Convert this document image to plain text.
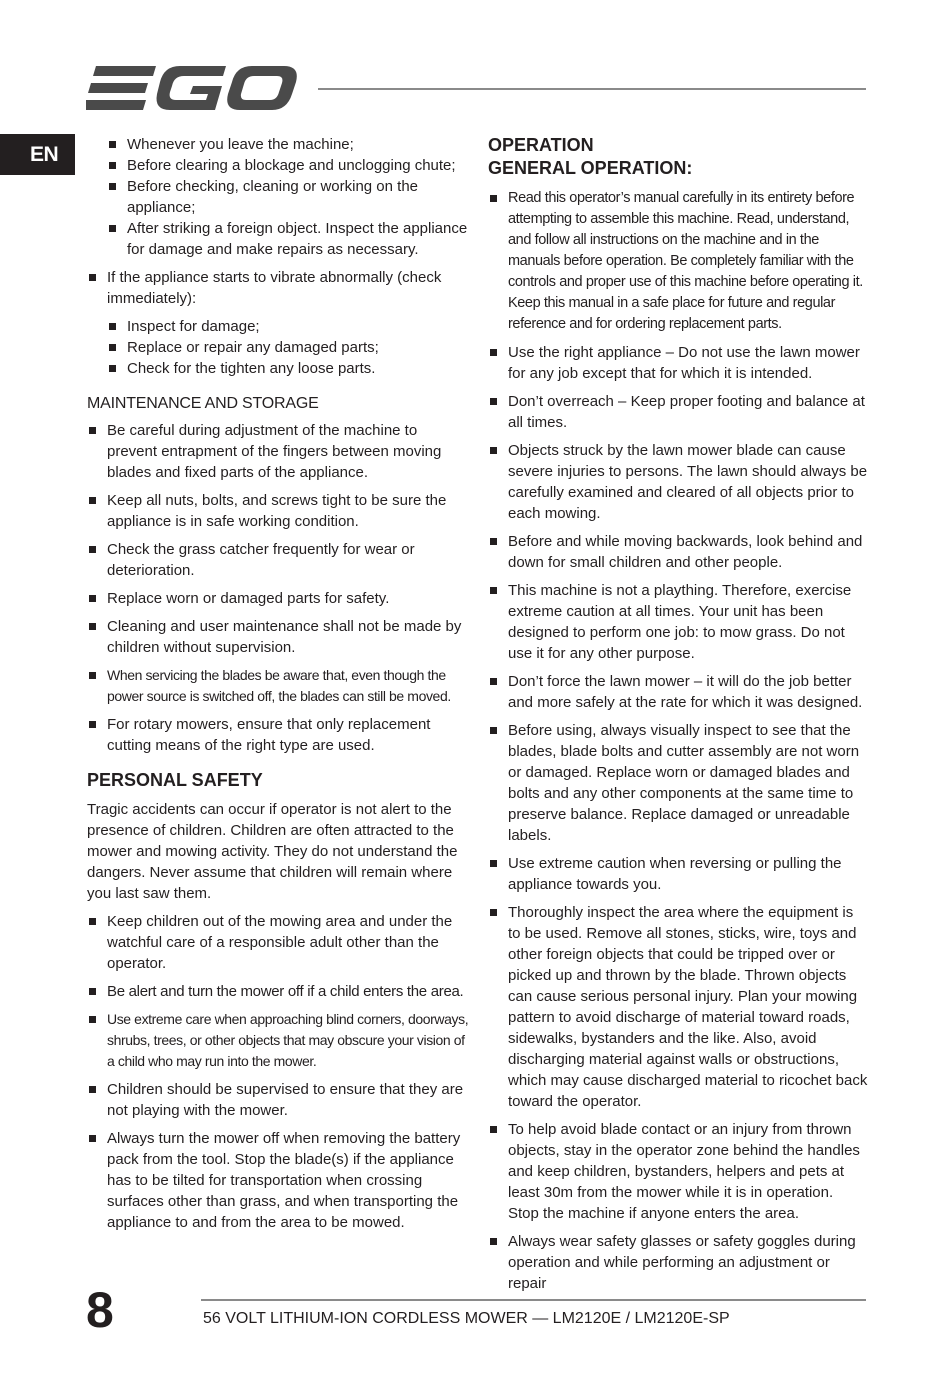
EN	Whenever you leave the machine;
Before clearing a blockage and unclogging chute;
Before checking, cleaning or working on the appliance;
After striking a foreign object. Inspect the appliance for damage and make repairs as necessary.
If the appliance starts to vibrate abnormally (check immediately):
Inspect for damage;
Replace or repair any damaged parts;
Check for the tighten any loose parts.
MAINTENANCE AND STORAGE
Be careful during adjustment of the machine to prevent entrapment of the fingers between moving blades and fixed parts of the appliance.
Keep all nuts, bolts, and screws tight to be sure the appliance is in safe working condition.
Check the grass catcher frequently for wear or deterioration.
Replace worn or damaged parts for safety.
Cleaning and user maintenance shall not be made by children without supervision.
When servicing the blades be aware that, even though the power source is switched off, the blades can still be moved.
For rotary mowers, ensure that only replacement cutting means of the right type are used.
PERSONAL SAFETY

Tragic accidents can occur if operator is not alert to the presence of children. Children are often attracted to the mower and mowing activity. They do not understand the dangers. Never assume that children will remain where you last saw them.

Keep children out of the mowing area and under the watchful care of a responsible adult other than the operator.
Be alert and turn the mower off if a child enters the area.
Use extreme care when approaching blind corners, doorways, shrubs, trees, or other objects that may obscure your vision of a child who may run into the mower.
Children should be supervised to ensure that they are not playing with the mower.
Always turn the mower off when removing the battery pack from the tool. Stop the blade(s) if the appliance has to be tilted for transportation when crossing surfaces other than grass, and when transporting the appliance to and from the area to be mowed.
OPERATION
GENERAL OPERATION:
Read this operator’s manual carefully in its entirety before attempting to assemble this machine. Read, understand, and follow all instructions on the machine and in the manuals before operation. Be completely familiar with the controls and proper use of this machine before operating it. Keep this manual in a safe place for future and regular reference and for ordering replacement parts.
Use the right appliance – Do not use the lawn mower for any job except that for which it is intended.
Don’t overreach – Keep proper footing and balance at all times.
Objects struck by the lawn mower blade can cause severe injuries to persons. The lawn should always be carefully examined and cleared of all objects prior to each mowing.
Before and while moving backwards, look behind and down for small children and other people.
This machine is not a plaything. Therefore, exercise extreme caution at all times. Your unit has been designed to perform one job: to mow grass. Do not use it for any other purpose.
Don’t force the lawn mower – it will do the job better and more safely at the rate for which it was designed.
Before using, always visually inspect to see that the blades, blade bolts and cutter assembly are not worn or damaged. Replace worn or damaged blades and bolts and any other components at the same time to preserve balance. Replace damaged or unreadable labels.
Use extreme caution when reversing or pulling the appliance towards you.
Thoroughly inspect the area where the equipment is to be used. Remove all stones, sticks, wire, toys and other foreign objects that could be tripped over or picked up and thrown by the blade. Thrown objects can cause serious personal injury. Plan your mowing pattern to avoid discharge of material toward roads, sidewalks, bystanders and the like. Also, avoid discharging material against walls or obstructions, which may cause discharged material to ricochet back toward the operator.
To help avoid blade contact or an injury from thrown objects, stay in the operator zone behind the handles and keep children, bystanders, helpers and pets at least 30m from the mower while it is in operation. Stop the machine if anyone enters the area.
Always wear safety glasses or safety goggles during operation and while performing an adjustment or repair
8	56 VOLT LITHIUM-ION CORDLESS MOWER — LM2120E / LM2120E-SP
